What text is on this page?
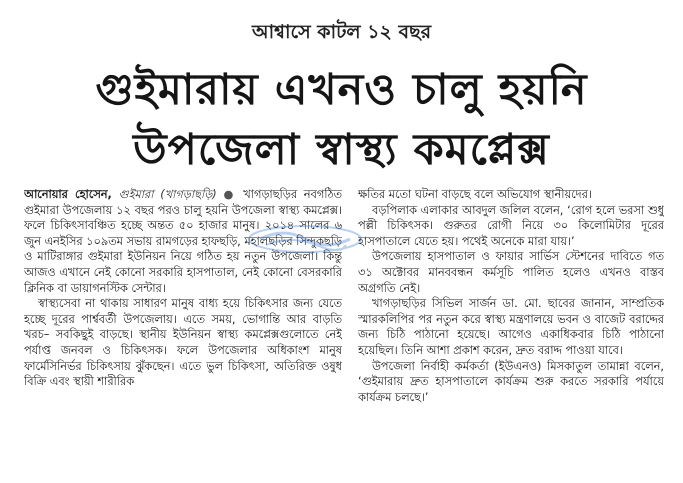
আশ্বাসে কাটল ১২ বছর
গুইমারায় এখনও চালু হয়নি
উপজেলা স্বাস্থ্য কমপ্লেক্স

আনোয়ার হোসেন, গুইমারা (খাগড়াছড়ি) ● খাগড়াছড়ির নবগঠিত গুইমারা উপজেলায় ১২ বছর পরও চালু হয়নি উপজেলা স্বাস্থ্য কমপ্লেক্স। ফলে চিকিৎসাবঞ্চিত হচ্ছে অন্তত ৫০ হাজার মানুষ। ২০১৪ সালের ৬ জুন এনইসির ১০৯তম সভায় রামগড়ের হাফছড়ি, মহালছড়ির সিন্দুকছড়ি ও মাটিরাঙ্গার গুইমারা ইউনিয়ন নিয়ে গঠিত হয় নতুন উপজেলা। কিন্তু আজও এখানে নেই কোনো সরকারি হাসপাতাল, নেই কোনো বেসরকারি ক্লিনিক বা ডায়াগনস্টিক সেন্টার।

স্বাস্থ্যসেবা না থাকায় সাধারণ মানুষ বাধ্য হয়ে চিকিৎসার জন্য যেতে হচ্ছে দূরের পার্শ্ববর্তী উপজেলায়। এতে সময়, ভোগান্তি আর বাড়তি খরচ– সবকিছুই বাড়ছে। স্থানীয় ইউনিয়ন স্বাস্থ্য কমপ্লেক্সগুলোতে নেই পর্যাপ্ত জনবল ও চিকিৎসক। ফলে উপজেলার অধিকাংশ মানুষ ফার্মেসিনির্ভর চিকিৎসায় ঝুঁকছেন। এতে ভুল চিকিৎসা, অতিরিক্ত ওষুধ বিক্রি এবং স্থায়ী শারীরিক

ক্ষতির মতো ঘটনা বাড়ছে বলে অভিযোগ স্থানীয়দের।

বড়পিলাক এলাকার আবদুল জলিল বলেন, ‘রোগ হলে ভরসা শুধু পল্লী চিকিৎসক। গুরুতর রোগী নিয়ে ৩০ কিলোমিটার দূরের হাসপাতালে যেতে হয়। পথেই অনেকে মারা যায়।’

উপজেলায় হাসপাতাল ও ফায়ার সার্ভিস স্টেশনের দাবিতে গত ৩১ অক্টোবর মানববন্ধন কর্মসূচি পালিত হলেও এখনও বাস্তব অগ্রগতি নেই।

খাগড়াছড়ির সিভিল সার্জন ডা. মো. ছাবের জানান, সাম্প্রতিক স্মারকলিপির পর নতুন করে স্বাস্থ্য মন্ত্রণালয়ে ভবন ও বাজেট বরাদ্দের জন্য চিঠি পাঠানো হয়েছে। আগেও একাধিকবার চিঠি পাঠানো হয়েছিল। তিনি আশা প্রকাশ করেন, দ্রুত বরাদ্দ পাওয়া যাবে।

উপজেলা নির্বাহী কর্মকর্তা (ইউএনও) মিসকাতুল তামান্না বলেন, ‘গুইমারায় দ্রুত হাসপাতালে কার্যক্রম শুরু করতে সরকারি পর্যায়ে কার্যক্রম চলছে।’
